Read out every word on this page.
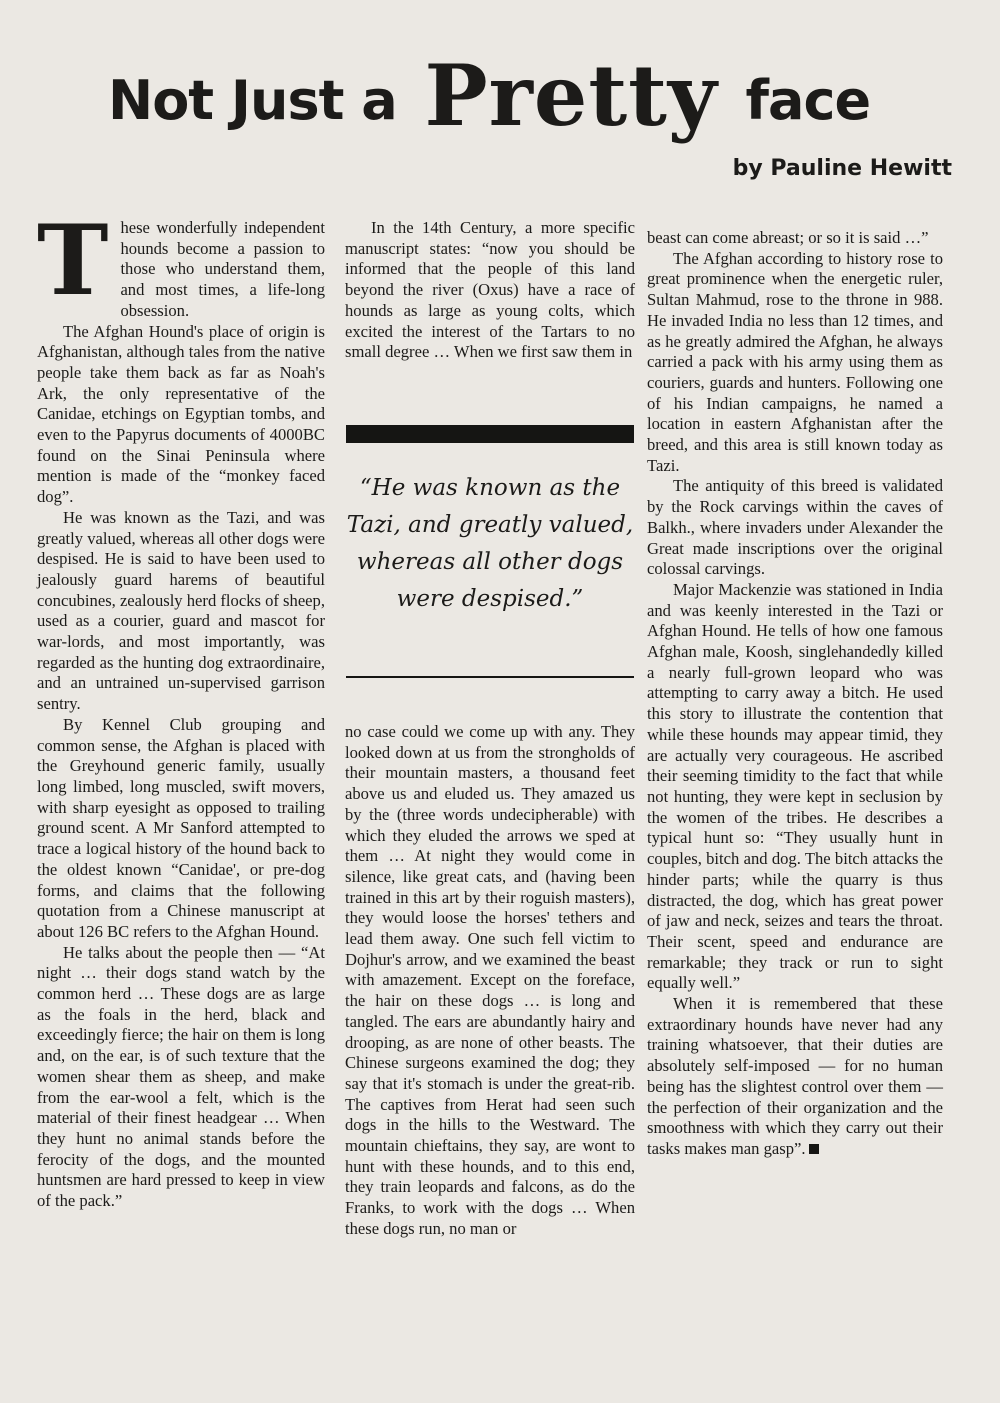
Not Just a Pretty face
by Pauline Hewitt

These wonderfully independent hounds become a passion to those who understand them, and most times, a life-long obsession.

The Afghan Hound's place of origin is Afghanistan, although tales from the native people take them back as far as Noah's Ark, the only representative of the Canidae, etchings on Egyptian tombs, and even to the Papyrus documents of 4000BC found on the Sinai Peninsula where mention is made of the “monkey faced dog”.

He was known as the Tazi, and was greatly valued, whereas all other dogs were despised. He is said to have been used to jealously guard harems of beautiful concubines, zealously herd flocks of sheep, used as a courier, guard and mascot for war-lords, and most importantly, was regarded as the hunting dog extraordinaire, and an untrained un-supervised garrison sentry.

By Kennel Club grouping and common sense, the Afghan is placed with the Greyhound generic family, usually long limbed, long muscled, swift movers, with sharp eyesight as opposed to trailing ground scent. A Mr Sanford attempted to trace a logical history of the hound back to the oldest known “Canidae', or pre-dog forms, and claims that the following quotation from a Chinese manuscript at about 126 BC refers to the Afghan Hound.

He talks about the people then — “At night … their dogs stand watch by the common herd … These dogs are as large as the foals in the herd, black and exceedingly fierce; the hair on them is long and, on the ear, is of such texture that the women shear them as sheep, and make from the ear-wool a felt, which is the material of their finest headgear … When they hunt no animal stands before the ferocity of the dogs, and the mounted huntsmen are hard pressed to keep in view of the pack.”

In the 14th Century, a more specific manuscript states: “now you should be informed that the people of this land beyond the river (Oxus) have a race of hounds as large as young colts, which excited the interest of the Tartars to no small degree … When we first saw them in

“He was known as the Tazi, and greatly valued, whereas all other dogs were despised.”

no case could we come up with any. They looked down at us from the strongholds of their mountain masters, a thousand feet above us and eluded us. They amazed us by the (three words undecipherable) with which they eluded the arrows we sped at them … At night they would come in silence, like great cats, and (having been trained in this art by their roguish masters), they would loose the horses' tethers and lead them away. One such fell victim to Dojhur's arrow, and we examined the beast with amazement. Except on the foreface, the hair on these dogs … is long and tangled. The ears are abundantly hairy and drooping, as are none of other beasts. The Chinese surgeons examined the dog; they say that it's stomach is under the great-rib. The captives from Herat had seen such dogs in the hills to the Westward. The mountain chieftains, they say, are wont to hunt with these hounds, and to this end, they train leopards and falcons, as do the Franks, to work with the dogs … When these dogs run, no man or

beast can come abreast; or so it is said …”

The Afghan according to history rose to great prominence when the energetic ruler, Sultan Mahmud, rose to the throne in 988. He invaded India no less than 12 times, and as he greatly admired the Afghan, he always carried a pack with his army using them as couriers, guards and hunters. Following one of his Indian campaigns, he named a location in eastern Afghanistan after the breed, and this area is still known today as Tazi.

The antiquity of this breed is validated by the Rock carvings within the caves of Balkh., where invaders under Alexander the Great made inscriptions over the original colossal carvings.

Major Mackenzie was stationed in India and was keenly interested in the Tazi or Afghan Hound. He tells of how one famous Afghan male, Koosh, singlehandedly killed a nearly full-grown leopard who was attempting to carry away a bitch. He used this story to illustrate the contention that while these hounds may appear timid, they are actually very courageous. He ascribed their seeming timidity to the fact that while not hunting, they were kept in seclusion by the women of the tribes. He describes a typical hunt so: “They usually hunt in couples, bitch and dog. The bitch attacks the hinder parts; while the quarry is thus distracted, the dog, which has great power of jaw and neck, seizes and tears the throat. Their scent, speed and endurance are remarkable; they track or run to sight equally well.”

When it is remembered that these extraordinary hounds have never had any training whatsoever, that their duties are absolutely self-imposed — for no human being has the slightest control over them — the perfection of their organization and the smoothness with which they carry out their tasks makes man gasp”.
